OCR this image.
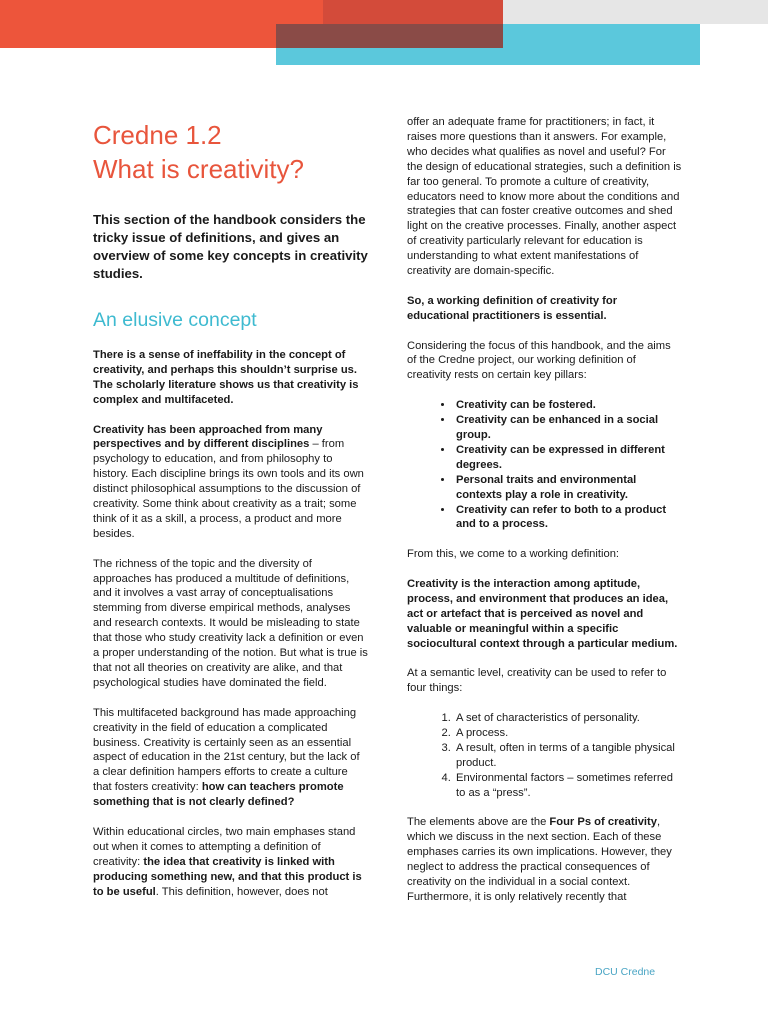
Credne 1.2
What is creativity?

This section of the handbook considers the tricky issue of definitions, and gives an overview of some key concepts in creativity studies.

An elusive concept

There is a sense of ineffability in the concept of creativity, and perhaps this shouldn’t surprise us. The scholarly literature shows us that creativity is complex and multifaceted.

Creativity has been approached from many perspectives and by different disciplines – from psychology to education, and from philosophy to history. Each discipline brings its own tools and its own distinct philosophical assumptions to the discussion of creativity. Some think about creativity as a trait; some think of it as a skill, a process, a product and more besides.

The richness of the topic and the diversity of approaches has produced a multitude of definitions, and it involves a vast array of conceptualisations stemming from diverse empirical methods, analyses and research contexts. It would be misleading to state that those who study creativity lack a definition or even a proper understanding of the notion. But what is true is that not all theories on creativity are alike, and that psychological studies have dominated the field.

This multifaceted background has made approaching creativity in the field of education a complicated business. Creativity is certainly seen as an essential aspect of education in the 21st century, but the lack of a clear definition hampers efforts to create a culture that fosters creativity: how can teachers promote something that is not clearly defined?

Within educational circles, two main emphases stand out when it comes to attempting a definition of creativity: the idea that creativity is linked with producing something new, and that this product is to be useful. This definition, however, does not

offer an adequate frame for practitioners; in fact, it raises more questions than it answers. For example, who decides what qualifies as novel and useful? For the design of educational strategies, such a definition is far too general. To promote a culture of creativity, educators need to know more about the conditions and strategies that can foster creative outcomes and shed light on the creative processes. Finally, another aspect of creativity particularly relevant for education is understanding to what extent manifestations of creativity are domain-specific.

So, a working definition of creativity for educational practitioners is essential.

Considering the focus of this handbook, and the aims of the Credne project, our working definition of creativity rests on certain key pillars:

• Creativity can be fostered.
• Creativity can be enhanced in a social group.
• Creativity can be expressed in different degrees.
• Personal traits and environmental contexts play a role in creativity.
• Creativity can refer to both to a product and to a process.

From this, we come to a working definition:

Creativity is the interaction among aptitude, process, and environment that produces an idea, act or artefact that is perceived as novel and valuable or meaningful within a specific sociocultural context through a particular medium.

At a semantic level, creativity can be used to refer to four things:

1. A set of characteristics of personality.
2. A process.
3. A result, often in terms of a tangible physical product.
4. Environmental factors – sometimes referred to as a “press”.

The elements above are the Four Ps of creativity, which we discuss in the next section. Each of these emphases carries its own implications. However, they neglect to address the practical consequences of creativity on the individual in a social context. Furthermore, it is only relatively recently that

DCU Credne
